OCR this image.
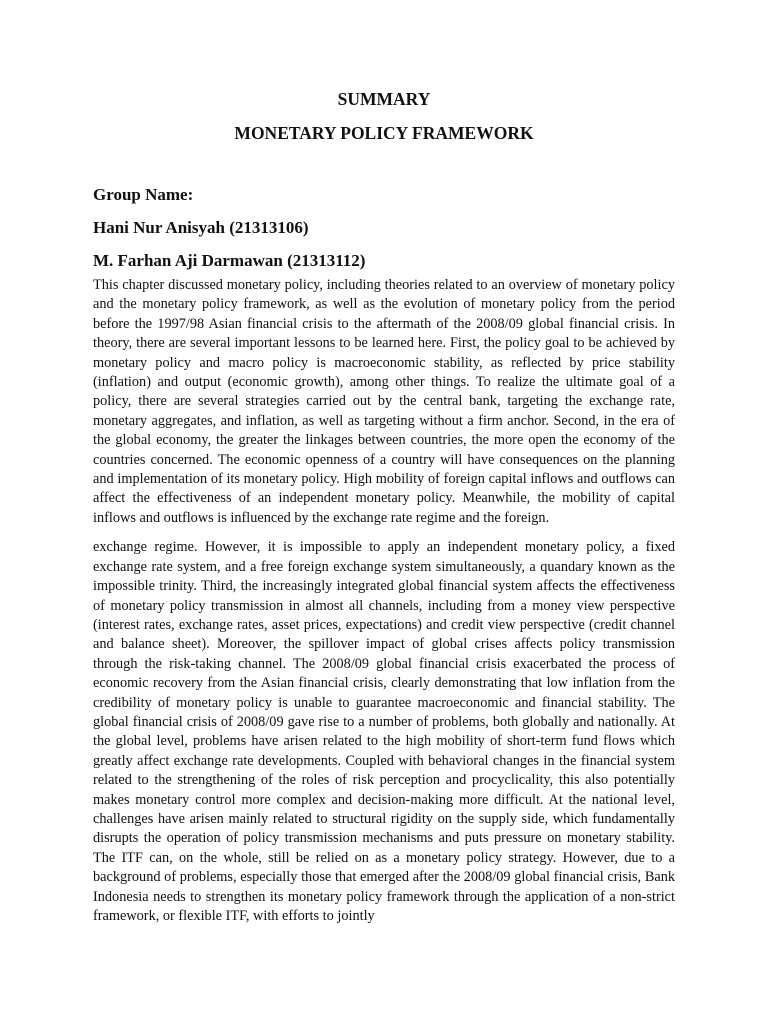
SUMMARY
MONETARY POLICY FRAMEWORK

Group Name:

Hani Nur Anisyah (21313106)

M. Farhan Aji Darmawan (21313112)

This chapter discussed monetary policy, including theories related to an overview of monetary policy and the monetary policy framework, as well as the evolution of monetary policy from the period before the 1997/98 Asian financial crisis to the aftermath of the 2008/09 global financial crisis. In theory, there are several important lessons to be learned here. First, the policy goal to be achieved by monetary policy and macro policy is macroeconomic stability, as reflected by price stability (inflation) and output (economic growth), among other things. To realize the ultimate goal of a policy, there are several strategies carried out by the central bank, targeting the exchange rate, monetary aggregates, and inflation, as well as targeting without a firm anchor. Second, in the era of the global economy, the greater the linkages between countries, the more open the economy of the countries concerned. The economic openness of a country will have consequences on the planning and implementation of its monetary policy. High mobility of foreign capital inflows and outflows can affect the effectiveness of an independent monetary policy. Meanwhile, the mobility of capital inflows and outflows is influenced by the exchange rate regime and the foreign.

exchange regime. However, it is impossible to apply an independent monetary policy, a fixed exchange rate system, and a free foreign exchange system simultaneously, a quandary known as the impossible trinity. Third, the increasingly integrated global financial system affects the effectiveness of monetary policy transmission in almost all channels, including from a money view perspective (interest rates, exchange rates, asset prices, expectations) and credit view perspective (credit channel and balance sheet). Moreover, the spillover impact of global crises affects policy transmission through the risk-taking channel. The 2008/09 global financial crisis exacerbated the process of economic recovery from the Asian financial crisis, clearly demonstrating that low inflation from the credibility of monetary policy is unable to guarantee macroeconomic and financial stability. The global financial crisis of 2008/09 gave rise to a number of problems, both globally and nationally. At the global level, problems have arisen related to the high mobility of short-term fund flows which greatly affect exchange rate developments. Coupled with behavioral changes in the financial system related to the strengthening of the roles of risk perception and procyclicality, this also potentially makes monetary control more complex and decision-making more difficult. At the national level, challenges have arisen mainly related to structural rigidity on the supply side, which fundamentally disrupts the operation of policy transmission mechanisms and puts pressure on monetary stability. The ITF can, on the whole, still be relied on as a monetary policy strategy. However, due to a background of problems, especially those that emerged after the 2008/09 global financial crisis, Bank Indonesia needs to strengthen its monetary policy framework through the application of a non-strict framework, or flexible ITF, with efforts to jointly
